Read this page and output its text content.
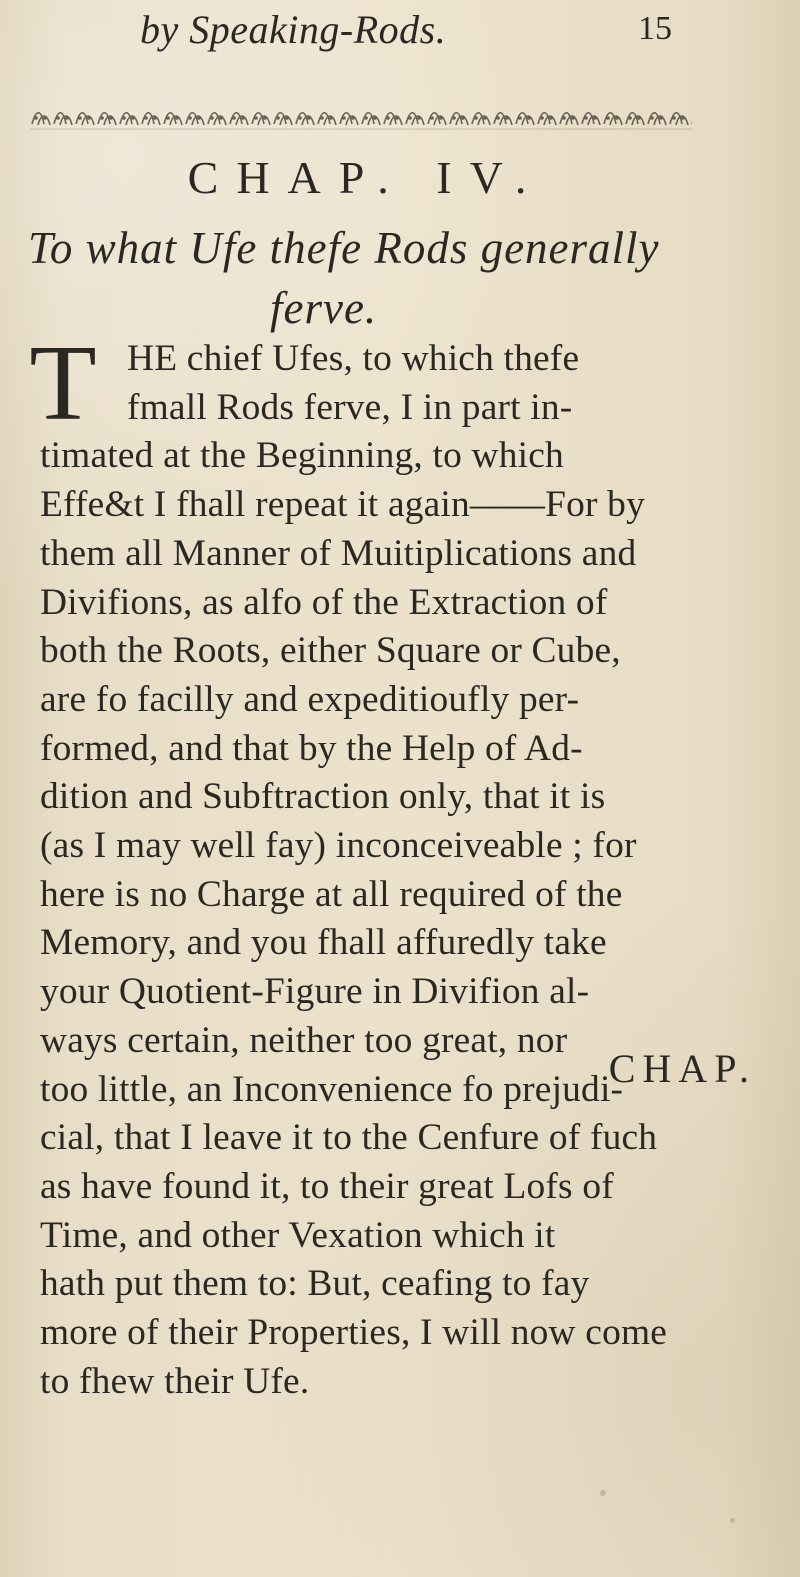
by Speaking-Rods.	15
CHAP. IV.
To what Ufe thefe Rods generally
ferve.
T HE chief Ufes, to which thefe
fmall Rods ferve, I in part in-
timated at the Beginning, to which
Effe&t I fhall repeat it again——For by
them all Manner of Muitiplications and
Divifions, as alfo of the Extraction of
both the Roots, either Square or Cube,
are fo facilly and expeditioufly per-
formed, and that by the Help of Ad-
dition and Subftraction only, that it is
(as I may well fay) inconceiveable ; for
here is no Charge at all required of the
Memory, and you fhall affuredly take
your Quotient-Figure in Divifion al-
ways certain, neither too great, nor
too little, an Inconvenience fo prejudi-
cial, that I leave it to the Cenfure of fuch
as have found it, to their great Lofs of
Time, and other Vexation which it
hath put them to: But, ceafing to fay
more of their Properties, I will now come
to fhew their Ufe.
CHAP.
